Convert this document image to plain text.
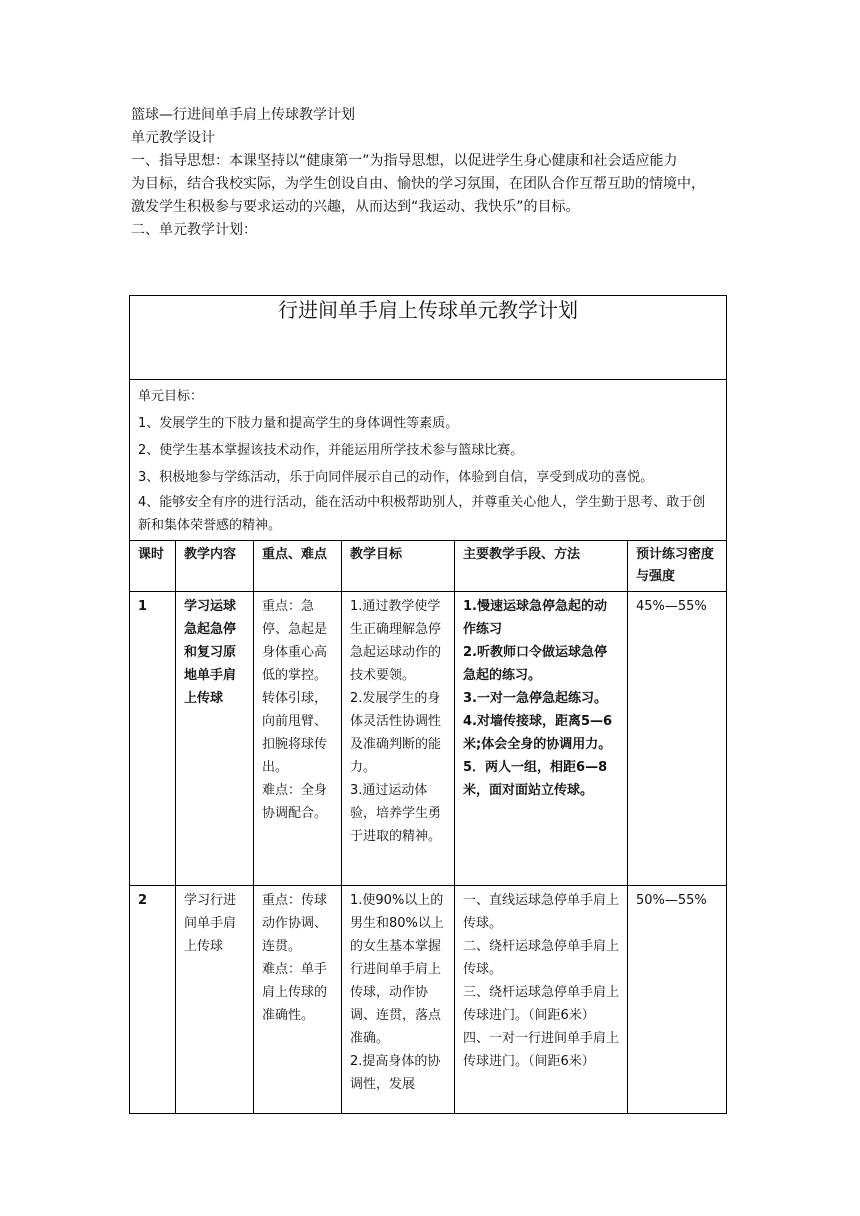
篮球—行进间单手肩上传球教学计划

单元教学设计

一、指导思想：本课坚持以“健康第一”为指导思想，以促进学生身心健康和社会适应能力

为目标，结合我校实际，为学生创设自由、愉快的学习氛围，在团队合作互帮互助的情境中，

激发学生积极参与要求运动的兴趣，从而达到“我运动、我快乐”的目标。

二、单元教学计划：

行进间单手肩上传球单元教学计划					

单元目标：

1、发展学生的下肢力量和提高学生的身体调性等素质。

2、使学生基本掌握该技术动作，并能运用所学技术参与篮球比赛。

3、积极地参与学练活动，乐于向同伴展示自己的动作，体验到自信，享受到成功的喜悦。

4、能够安全有序的进行活动，能在活动中积极帮助别人，并尊重关心他人，学生勤于思考、敢于创新和集体荣誉感的精神。					

课时	教学内容	重点、难点	教学目标	主要教学手段、方法	预计练习密度与强度
1	学习运球急起急停和复习原地单手肩上传球	重点：急停、急起是身体重心高低的掌控。转体引球，向前甩臂、扣腕将球传出。
难点：全身协调配合。	1.通过教学使学生正确理解急停急起运球动作的技术要领。
2.发展学生的身体灵活性协调性及准确判断的能力。
3.通过运动体验，培养学生勇于进取的精神。	1.慢速运球急停急起的动作练习
2.听教师口令做运球急停急起的练习。
3.一对一急停急起练习。
4.对墙传接球，距离5—6米;体会全身的协调用力。
5．两人一组，相距6—8米，面对面站立传球。	45%—55%
2	学习行进间单手肩上传球	重点：传球动作协调、连贯。
难点：单手肩上传球的准确性。	1.使90%以上的男生和80%以上的女生基本掌握行进间单手肩上传球，动作协调、连贯，落点准确。
2.提高身体的协调性，发展	一、直线运球急停单手肩上传球。
二、绕杆运球急停单手肩上传球。
三、绕杆运球急停单手肩上传球进门。（间距6米）
四、一对一行进间单手肩上传球进门。（间距6米）	50%—55%
